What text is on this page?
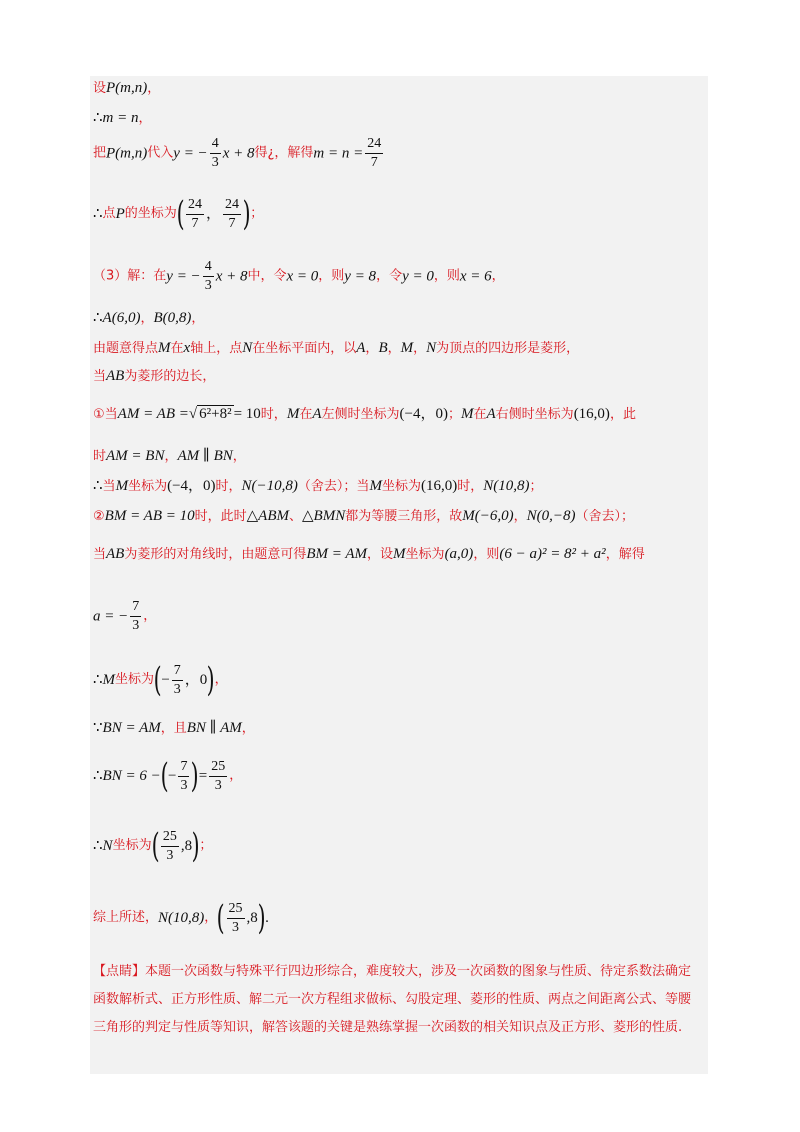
设P(m,n)，
∴m = n，
把P(m,n)代入y = − $\frac{4}{3}$ x + 8得¿，解得$m = n = \frac{24}{7}$
∴点P的坐标为( $\frac{24}{7}$ ， $\frac{24}{7}$ )；
（3）解：在y = − $\frac{4}{3}$ x + 8中，令x = 0，则y = 8，令y = 0，则x = 6，
∴A(6,0)，B(0,8)，
由题意得点M在x轴上，点N在坐标平面内，以A，B，M，N为顶点的四边形是菱形，
当AB为菱形的边长，
①当AM = AB =√ 6²+8² = 10时，M在A左侧时坐标为(−4，0)；M在A右侧时坐标为(16,0)，此
时AM = BN，AM ∥ BN，
∴当M坐标为(−4，0)时，N(−10,8)（舍去）；当M坐标为(16,0)时，N(10,8)；
②BM = AB = 10时，此时△ABM、△BMN都为等腰三角形，故M(−6,0)，N(0,−8)（舍去）；
当AB为菱形的对角线时，由题意可得BM = AM，设M坐标为(a,0)，则(6 − a)² = 8² + a²，解得
a = − $\frac{7}{3}$ ，
∴M坐标为(− $\frac{7}{3}$ ，0)，
∵BN = AM，且BN ∥ AM，
∴BN = 6 −(− $\frac{7}{3}$ )= $\frac{25}{3}$ ，
∴N坐标为( $\frac{25}{3} ,8$)；
综上所述，N(10,8)，( $\frac{25}{3} ,8$).
【点睛】本题一次函数与特殊平行四边形综合，难度较大，涉及一次函数的图象与性质、待定系数法确定函数解析式、正方形性质、解二元一次方程组求做标、勾股定理、菱形的性质、两点之间距离公式、等腰三角形的判定与性质等知识，解答该题的关键是熟练掌握一次函数的相关知识点及正方形、菱形的性质.
